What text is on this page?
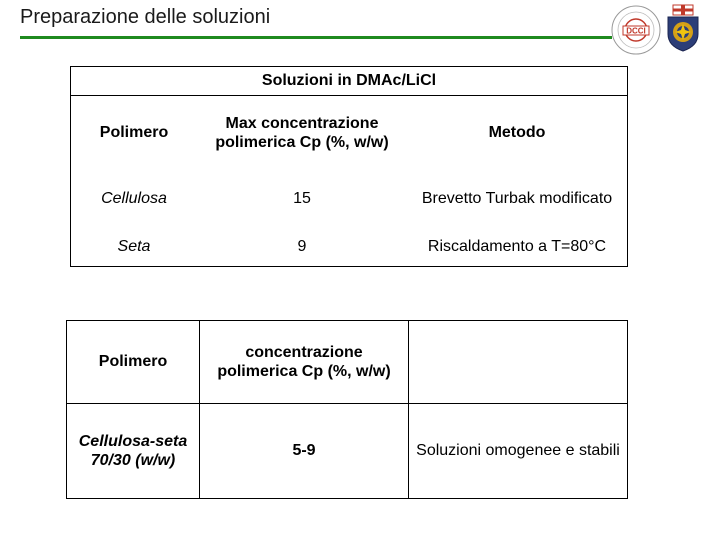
Preparazione delle soluzioni
DCCI
Soluzioni in DMAc/LiCl		
Polimero	Max concentrazione polimerica Cp (%, w/w)	Metodo
Cellulosa	15	Brevetto Turbak modificato
Seta	9	Riscaldamento a T=80°C
Polimero	concentrazione polimerica Cp (%, w/w)	
Cellulosa-seta 70/30 (w/w)	5-9	Soluzioni omogenee e stabili
